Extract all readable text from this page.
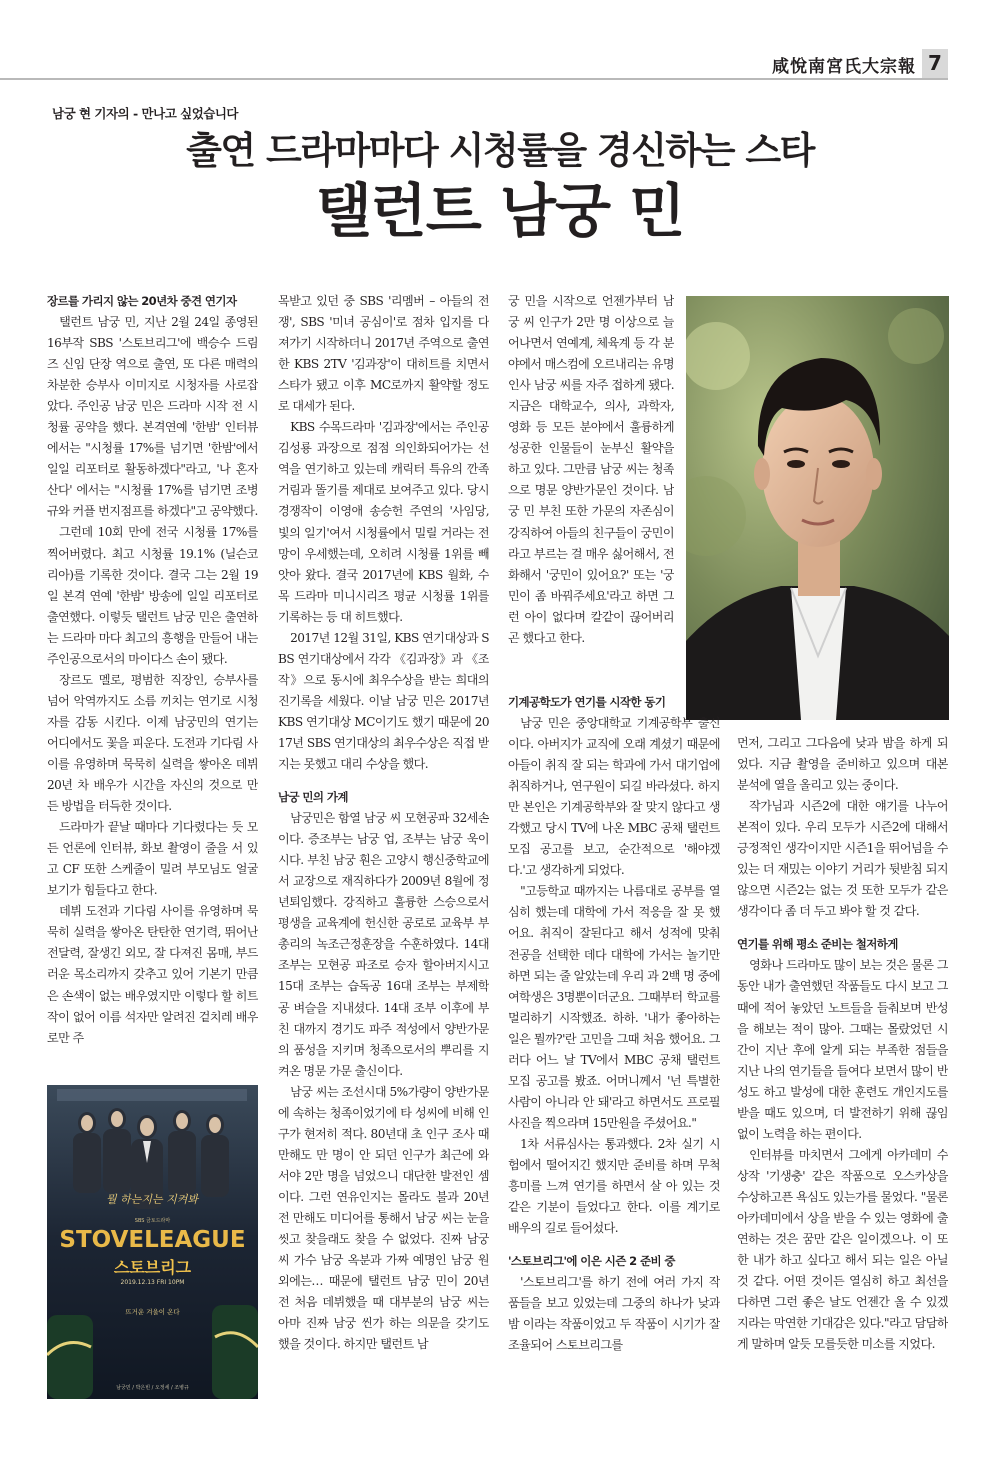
咸悅南宮氏大宗報 7
남궁 현 기자의 - 만나고 싶었습니다
출연 드라마마다 시청률을 경신하는 스타
탤런트 남궁 민
장르를 가리지 않는 20년차 중견 연기자

탤런트 남궁 민, 지난 2월 24일 종영된 16부작 SBS '스토브리그'에 백승수 드림즈 신임 단장 역으로 출연, 또 다른 매력의 차분한 승부사 이미지로 시청자를 사로잡았다. 주인공 남궁 민은 드라마 시작 전 시청률 공약을 했다. 본격연예 '한밤' 인터뷰에서는 "시청률 17%를 넘기면 '한밤'에서 일일 리포터로 활동하겠다"라고, '나 혼자 산다' 에서는 "시청률 17%를 넘기면 조병규와 커플 번지점프를 하겠다"고 공약했다.

그런데 10회 만에 전국 시청률 17%를 찍어버렸다. 최고 시청률 19.1% (닐슨코리아)를 기록한 것이다. 결국 그는 2월 19일 본격 연예 '한밤' 방송에 일일 리포터로 출연했다. 이렇듯 탤런트 남궁 민은 출연하는 드라마 마다 최고의 흥행을 만들어 내는 주인공으로서의 마이다스 손이 됐다.

장르도 멜로, 평범한 직장인, 승부사를 넘어 악역까지도 소름 끼치는 연기로 시청자를 감동 시킨다. 이제 남궁민의 연기는 어디에서도 꽃을 피운다. 도전과 기다림 사이를 유영하며 묵묵히 실력을 쌓아온 데뷔 20년 차 배우가 시간을 자신의 것으로 만든 방법을 터득한 것이다.

드라마가 끝날 때마다 기다렸다는 듯 모든 언론에 인터뷰, 화보 촬영이 줄을 서 있고 CF 또한 스케줄이 밀려 부모님도 얼굴 보기가 힘들다고 한다.

데뷔 도전과 기다림 사이를 유영하며 묵묵히 실력을 쌓아온 탄탄한 연기력, 뛰어난 전달력, 잘생긴 외모, 잘 다져진 몸매, 부드러운 목소리까지 갖추고 있어 기본기 만큼은 손색이 없는 배우였지만 이렇다 할 히트작이 없어 이름 석자만 알려진 겉치레 배우로만 주

뭘 하는지는 지켜봐
SBS 금토드라마
STOVELEAGUE
스토브리그
2019.12.13 FRI 10PM
뜨거운 겨울이 온다
남궁민 / 박은빈 / 오정세 / 조병규

목받고 있던 중 SBS '리멤버 – 아들의 전쟁', SBS '미녀 공심이'로 점차 입지를 다져가기 시작하더니 2017년 주역으로 출연한 KBS 2TV '김과장'이 대히트를 치면서 스타가 됐고 이후 MC로까지 활약할 정도로 대세가 된다.

KBS 수목드라마 '김과장'에서는 주인공 김성룡 과장으로 점점 의인화되어가는 선역을 연기하고 있는데 캐릭터 특유의 깐족거림과 똘기를 제대로 보여주고 있다. 당시 경쟁작이 이영애 송승헌 주연의 '사임당, 빛의 일기'여서 시청률에서 밀릴 거라는 전망이 우세했는데, 오히려 시청률 1위를 빼앗아 왔다. 결국 2017년에 KBS 월화, 수목 드라마 미니시리즈 평균 시청률 1위를 기록하는 등 대 히트했다.

2017년 12월 31일, KBS 연기대상과 SBS 연기대상에서 각각 《김과장》과 《조작》으로 동시에 최우수상을 받는 희대의 진기록을 세웠다. 이날 남궁 민은 2017년 KBS 연기대상 MC이기도 했기 때문에 2017년 SBS 연기대상의 최우수상은 직접 받지는 못했고 대리 수상을 했다.

남궁 민의 가계

남궁민은 함열 남궁 씨 모현공파 32세손이다. 증조부는 남궁 업, 조부는 남궁 욱이시다. 부친 남궁 훤은 고양시 행신중학교에서 교장으로 재직하다가 2009년 8월에 정년퇴임했다. 강직하고 훌륭한 스승으로서 평생을 교육계에 헌신한 공로로 교육부 부총리의 녹조근정훈장을 수훈하였다. 14대 조부는 모현공 파조로 승자 할아버지시고 15대 조부는 습독공 16대 조부는 부제학공 벼슬을 지내셨다. 14대 조부 이후에 부친 대까지 경기도 파주 적성에서 양반가문의 품성을 지키며 청족으로서의 뿌리를 지켜온 명문 가문 출신이다.

남궁 씨는 조선시대 5%가량이 양반가문에 속하는 청족이었기에 타 성씨에 비해 인구가 현저히 적다. 80년대 초 인구 조사 때 만해도 만 명이 안 되던 인구가 최근에 와서야 2만 명을 넘었으니 대단한 발전인 셈이다. 그런 연유인지는 몰라도 불과 20년 전 만해도 미디어를 통해서 남궁 씨는 눈을 씻고 찾을래도 찾을 수 없었다. 진짜 남궁 씨 가수 남궁 옥분과 가짜 예명인 남궁 원 외에는… 때문에 탤런트 남궁 민이 20년 전 처음 데뷔했을 때 대부분의 남궁 씨는 아마 진짜 남궁 씬가 하는 의문을 갖기도 했을 것이다. 하지만 탤런트 남

궁 민을 시작으로 언젠가부터 남궁 씨 인구가 2만 명 이상으로 늘어나면서 연예계, 체육계 등 각 분야에서 매스컴에 오르내리는 유명 인사 남궁 씨를 자주 접하게 됐다. 지금은 대학교수, 의사, 과학자, 영화 등 모든 분야에서 훌륭하게 성공한 인물들이 눈부신 활약을 하고 있다. 그만큼 남궁 씨는 청족으로 명문 양반가문인 것이다. 남궁 민 부친 또한 가문의 자존심이 강직하여 아들의 친구들이 궁민이라고 부르는 걸 매우 싫어해서, 전화해서 '궁민이 있어요?' 또는 '궁민이 좀 바꿔주세요'라고 하면 그런 아이 없다며 칼같이 끊어버리곤 했다고 한다.

기계공학도가 연기를 시작한 동기

남궁 민은 중앙대학교 기계공학부 출신이다. 아버지가 교직에 오래 계셨기 때문에 아들이 취직 잘 되는 학과에 가서 대기업에 취직하거나, 연구원이 되길 바라셨다. 하지만 본인은 기계공학부와 잘 맞지 않다고 생각했고 당시 TV에 나온 MBC 공채 탤런트 모집 공고를 보고, 순간적으로 '해야겠다.'고 생각하게 되었다.

"고등학교 때까지는 나름대로 공부를 열심히 했는데 대학에 가서 적응을 잘 못 했어요. 취직이 잘된다고 해서 성적에 맞춰 전공을 선택한 데다 대학에 가서는 놀기만 하면 되는 줄 알았는데 우리 과 2백 명 중에 여학생은 3명뿐이더군요. 그때부터 학교를 멀리하기 시작했죠. 하하. '내가 좋아하는 일은 뭘까?'란 고민을 그때 처음 했어요. 그러다 어느 날 TV에서 MBC 공채 탤런트 모집 공고를 봤죠. 어머니께서 '넌 특별한 사람이 아니라 안 돼'라고 하면서도 프로필 사진을 찍으라며 15만원을 주셨어요."

1차 서류심사는 통과했다. 2차 실기 시험에서 떨어지긴 했지만 준비를 하며 무척 흥미를 느껴 연기를 하면서 살 아 있는 것 같은 기분이 들었다고 한다. 이를 계기로 배우의 길로 들어섰다.

'스토브리그'에 이은 시즌 2 준비 중

'스토브리그'를 하기 전에 여러 가지 작품들을 보고 있었는데 그중의 하나가 낮과 밤 이라는 작품이었고 두 작품이 시기가 잘 조율되어 스토브리그를

먼저, 그리고 그다음에 낮과 밤을 하게 되었다. 지금 촬영을 준비하고 있으며 대본 분석에 열을 올리고 있는 중이다.

작가님과 시즌2에 대한 얘기를 나누어 본적이 있다. 우리 모두가 시즌2에 대해서 긍정적인 생각이지만 시즌1을 뛰어넘을 수 있는 더 재밌는 이야기 거리가 뒷받침 되지 않으면 시즌2는 없는 것 또한 모두가 같은 생각이다 좀 더 두고 봐야 할 것 같다.

연기를 위해 평소 준비는 철저하게

영화나 드라마도 많이 보는 것은 물론 그동안 내가 출연했던 작품들도 다시 보고 그 때에 적어 놓았던 노트들을 들춰보며 반성을 해보는 적이 많아. 그때는 몰랐었던 시간이 지난 후에 알게 되는 부족한 점들을 지난 나의 연기들을 들여다 보면서 많이 반성도 하고 발성에 대한 훈련도 개인지도를 받을 때도 있으며, 더 발전하기 위해 끊임없이 노력을 하는 편이다.

인터뷰를 마치면서 그에게 아카데미 수상작 '기생충' 같은 작품으로 오스카상을 수상하고픈 욕심도 있는가를 물었다. "물론 아카데미에서 상을 받을 수 있는 영화에 출연하는 것은 꿈만 같은 일이겠으나. 이 또한 내가 하고 싶다고 해서 되는 일은 아닐 것 같다. 어떤 것이든 열심히 하고 최선을 다하면 그런 좋은 날도 언젠간 올 수 있겠지라는 막연한 기대감은 있다."라고 담담하게 말하며 알듯 모를듯한 미소를 지었다.
